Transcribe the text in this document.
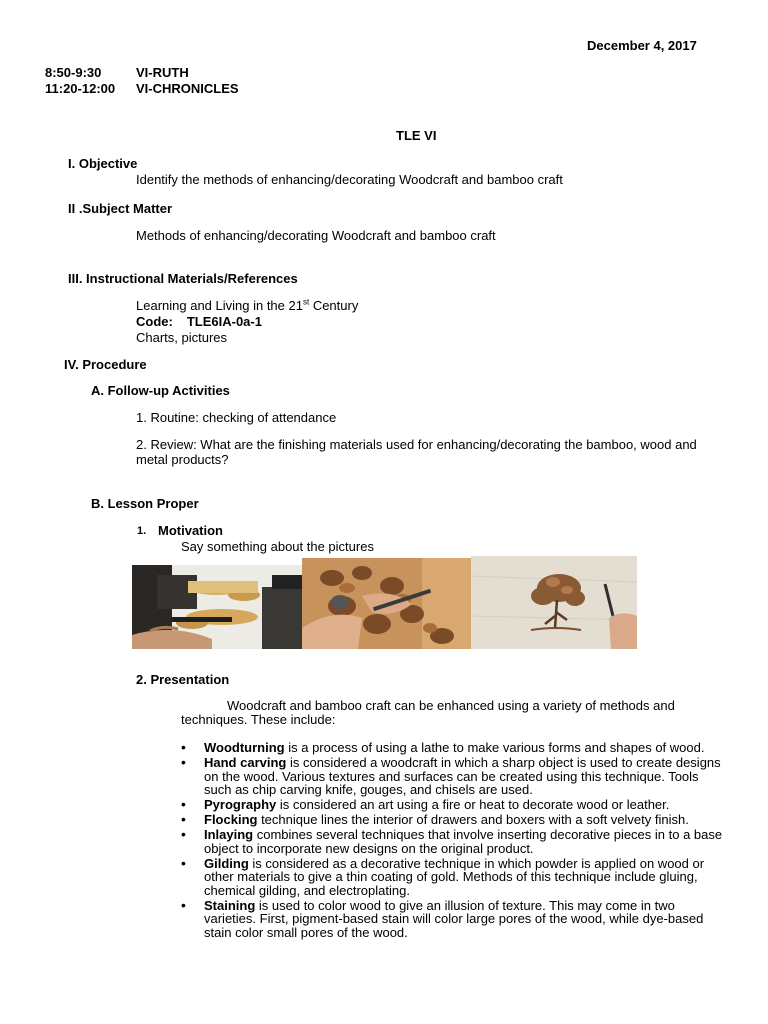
December 4, 2017
8:50-9:30	VI-RUTH
11:20-12:00 VI-CHRONICLES
TLE VI
I. Objective
Identify the methods of enhancing/decorating Woodcraft and bamboo craft
II .Subject Matter
Methods of enhancing/decorating Woodcraft and bamboo craft
III. Instructional Materials/References
Learning and Living in the 21st Century
Code: TLE6IA-0a-1
Charts, pictures
IV. Procedure
A. Follow-up Activities
1. Routine: checking of attendance
2. Review: What are the finishing materials used for enhancing/decorating the bamboo, wood and metal products?
B. Lesson Proper
1. Motivation
Say something about the pictures
2. Presentation
Woodcraft and bamboo craft can be enhanced using a variety of methods and techniques. These include:
• Woodturning is a process of using a lathe to make various forms and shapes of wood.
• Hand carving is considered a woodcraft in which a sharp object is used to create designs on the wood. Various textures and surfaces can be created using this technique. Tools such as chip carving knife, gouges, and chisels are used.
• Pyrography is considered an art using a fire or heat to decorate wood or leather.
• Flocking technique lines the interior of drawers and boxers with a soft velvety finish.
• Inlaying combines several techniques that involve inserting decorative pieces in to a base object to incorporate new designs on the original product.
• Gilding is considered as a decorative technique in which powder is applied on wood or other materials to give a thin coating of gold. Methods of this technique include gluing, chemical gilding, and electroplating.
• Staining is used to color wood to give an illusion of texture. This may come in two varieties. First, pigment-based stain will color large pores of the wood, while dye-based stain color small pores of the wood.
